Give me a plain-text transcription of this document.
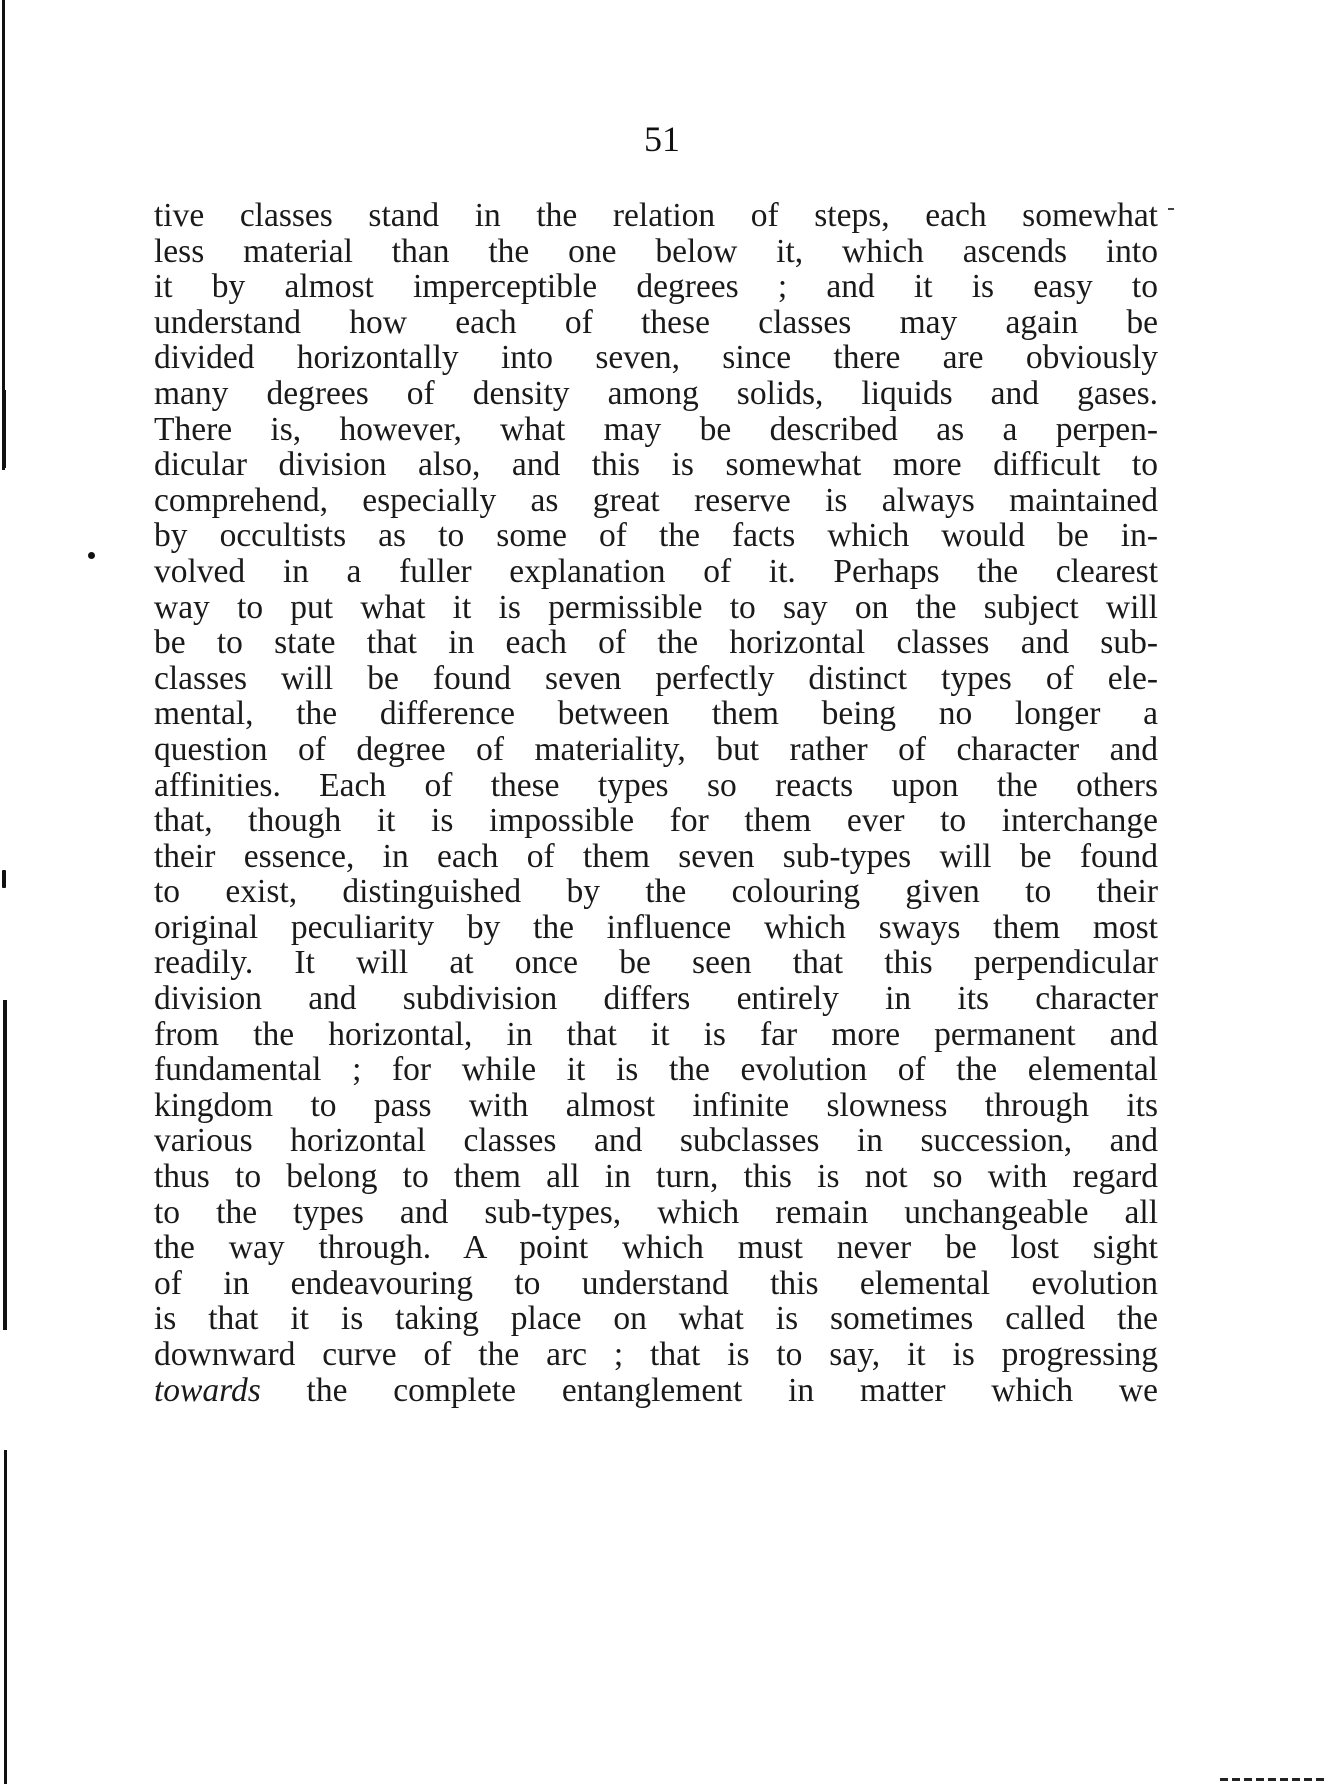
51
tive classes stand in the relation of steps, each somewhat
less material than the one below it, which ascends into
it by almost imperceptible degrees ; and it is easy to
understand how each of these classes may again be
divided horizontally into seven, since there are obviously
many degrees of density among solids, liquids and gases.
There is, however, what may be described as a perpen-
dicular division also, and this is somewhat more difficult to
comprehend, especially as great reserve is always maintained
by occultists as to some of the facts which would be in-
volved in a fuller explanation of it. Perhaps the clearest
way to put what it is permissible to say on the subject will
be to state that in each of the horizontal classes and sub-
classes will be found seven perfectly distinct types of ele-
mental, the difference between them being no longer a
question of degree of materiality, but rather of character and
affinities. Each of these types so reacts upon the others
that, though it is impossible for them ever to interchange
their essence, in each of them seven sub-types will be found
to exist, distinguished by the colouring given to their
original peculiarity by the influence which sways them most
readily. It will at once be seen that this perpendicular
division and subdivision differs entirely in its character
from the horizontal, in that it is far more permanent and
fundamental ; for while it is the evolution of the elemental
kingdom to pass with almost infinite slowness through its
various horizontal classes and subclasses in succession, and
thus to belong to them all in turn, this is not so with regard
to the types and sub-types, which remain unchangeable all
the way through. A point which must never be lost sight
of in endeavouring to understand this elemental evolution
is that it is taking place on what is sometimes called the
downward curve of the arc ; that is to say, it is progressing
towards the complete entanglement in matter which we
